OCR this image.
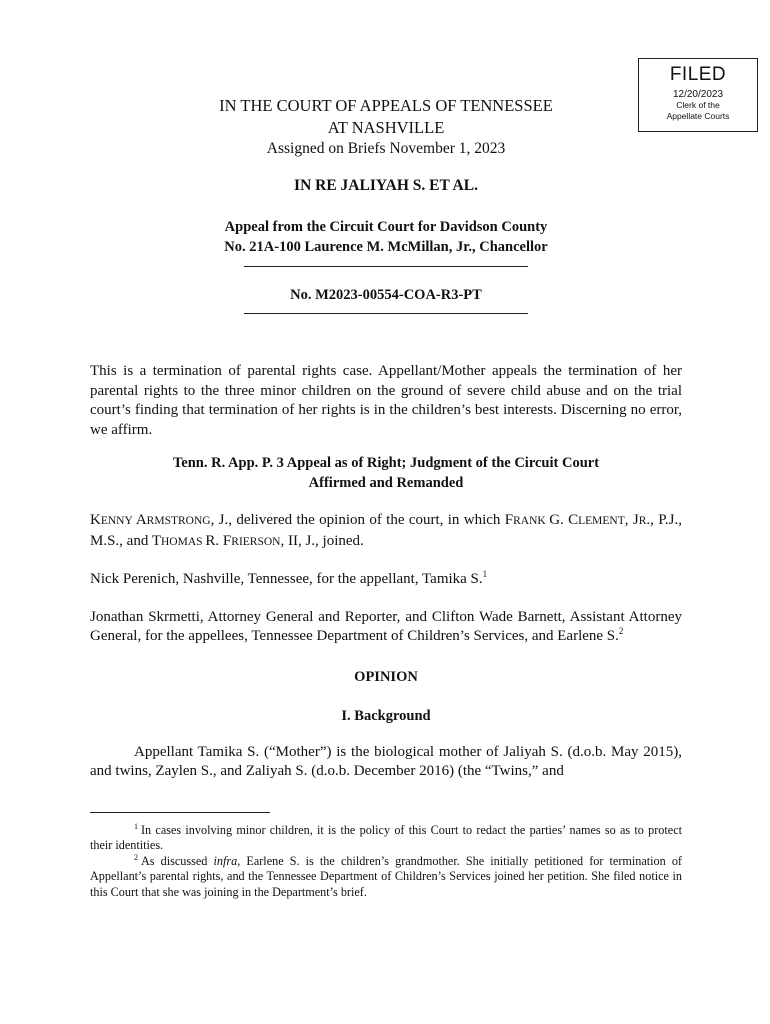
FILED
12/20/2023
Clerk of the
Appellate Courts
IN THE COURT OF APPEALS OF TENNESSEE
AT NASHVILLE
Assigned on Briefs November 1, 2023
IN RE JALIYAH S. ET AL.
Appeal from the Circuit Court for Davidson County
No. 21A-100 Laurence M. McMillan, Jr., Chancellor
No. M2023-00554-COA-R3-PT
This is a termination of parental rights case. Appellant/Mother appeals the termination of her parental rights to the three minor children on the ground of severe child abuse and on the trial court’s finding that termination of her rights is in the children’s best interests. Discerning no error, we affirm.
Tenn. R. App. P. 3 Appeal as of Right; Judgment of the Circuit Court
Affirmed and Remanded
KENNY ARMSTRONG, J., delivered the opinion of the court, in which FRANK G. CLEMENT, JR., P.J., M.S., and THOMAS R. FRIERSON, II, J., joined.
Nick Perenich, Nashville, Tennessee, for the appellant, Tamika S.$^1$
Jonathan Skrmetti, Attorney General and Reporter, and Clifton Wade Barnett, Assistant Attorney General, for the appellees, Tennessee Department of Children’s Services, and Earlene S.$^2$
OPINION
I. Background
Appellant Tamika S. (“Mother”) is the biological mother of Jaliyah S. (d.o.b. May 2015), and twins, Zaylen S., and Zaliyah S. (d.o.b. December 2016) (the “Twins,” and
$^1$ In cases involving minor children, it is the policy of this Court to redact the parties’ names so as to protect their identities.
$^2$ As discussed infra, Earlene S. is the children’s grandmother. She initially petitioned for termination of Appellant’s parental rights, and the Tennessee Department of Children’s Services joined her petition. She filed notice in this Court that she was joining in the Department’s brief.
